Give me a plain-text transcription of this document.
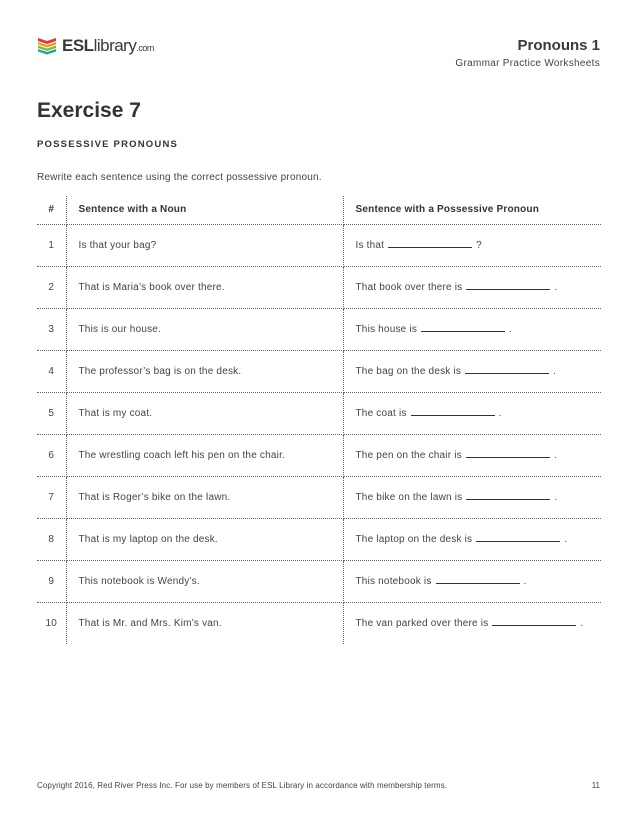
ESLlibrary.com	Pronouns 1
Grammar Practice Worksheets
Exercise 7
POSSESSIVE PRONOUNS
Rewrite each sentence using the correct possessive pronoun.
#	Sentence with a Noun	Sentence with a Possessive Pronoun
1	Is that your bag?	Is that ?
2	That is Maria’s book over there.	That book over there is .
3	This is our house.	This house is .
4	The professor’s bag is on the desk.	The bag on the desk is .
5	That is my coat.	The coat is .
6	The wrestling coach left his pen on the chair.	The pen on the chair is .
7	That is Roger’s bike on the lawn.	The bike on the lawn is .
8	That is my laptop on the desk.	The laptop on the desk is .
9	This notebook is Wendy’s.	This notebook is .
10	That is Mr. and Mrs. Kim’s van.	The van parked over there is .
Copyright 2016, Red River Press Inc. For use by members of ESL Library in accordance with membership terms.	11
